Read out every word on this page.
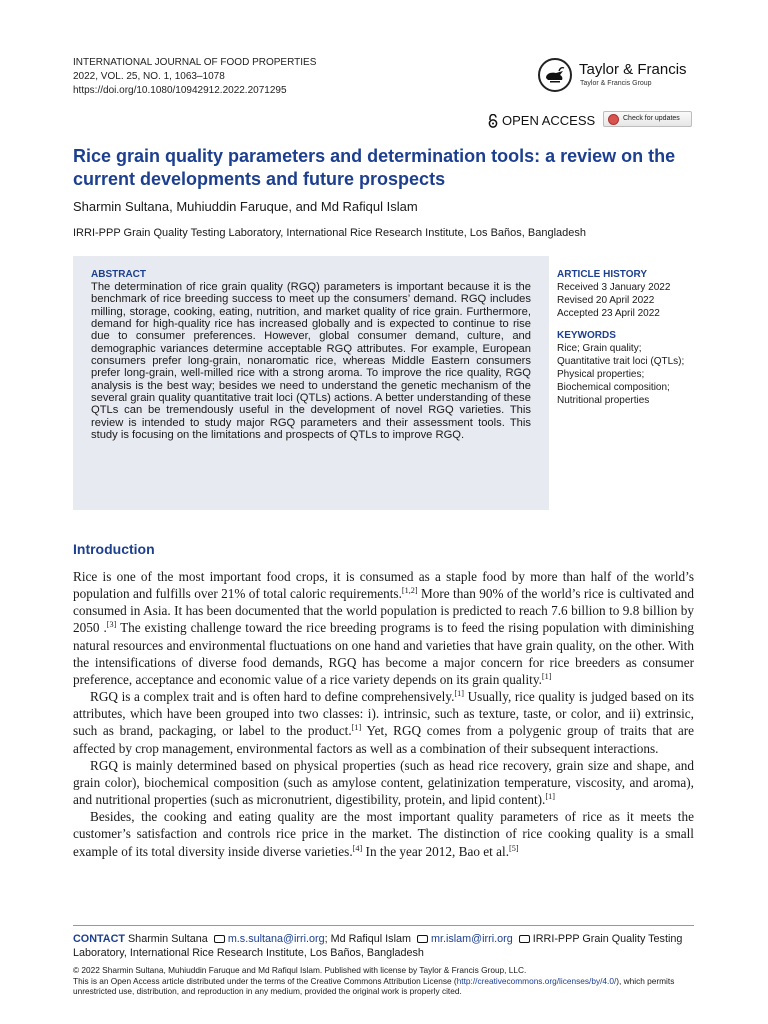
INTERNATIONAL JOURNAL OF FOOD PROPERTIES
2022, VOL. 25, NO. 1, 1063–1078
https://doi.org/10.1080/10942912.2022.2071295
Taylor & Francis
Taylor & Francis Group
OPEN ACCESS	Check for updates
Rice grain quality parameters and determination tools: a review on the current developments and future prospects
Sharmin Sultana, Muhiuddin Faruque, and Md Rafiqul Islam
IRRI-PPP Grain Quality Testing Laboratory, International Rice Research Institute, Los Baños, Bangladesh
ABSTRACT
The determination of rice grain quality (RGQ) parameters is important because it is the benchmark of rice breeding success to meet up the consumers’ demand. RGQ includes milling, storage, cooking, eating, nutrition, and market quality of rice grain. Furthermore, demand for high-quality rice has increased globally and is expected to continue to rise due to consumer preferences. However, global consumer demand, culture, and demographic variances determine acceptable RGQ attributes. For example, European consumers prefer long-grain, nonaromatic rice, whereas Middle Eastern consumers prefer long-grain, well-milled rice with a strong aroma. To improve the rice quality, RGQ analysis is the best way; besides we need to understand the genetic mechanism of the several grain quality quantitative trait loci (QTLs) actions. A better understanding of these QTLs can be tremendously useful in the development of novel RGQ varieties. This review is intended to study major RGQ parameters and their assessment tools. This study is focusing on the limitations and prospects of QTLs to improve RGQ.
ARTICLE HISTORY
Received 3 January 2022
Revised 20 April 2022
Accepted 23 April 2022
KEYWORDS
Rice; Grain quality;
Quantitative trait loci (QTLs);
Physical properties;
Biochemical composition;
Nutritional properties
Introduction

Rice is one of the most important food crops, it is consumed as a staple food by more than half of the world’s population and fulfills over 21% of total caloric requirements.[1,2] More than 90% of the world’s rice is cultivated and consumed in Asia. It has been documented that the world population is predicted to reach 7.6 billion to 9.8 billion by 2050 .[3] The existing challenge toward the rice breeding programs is to feed the rising population with diminishing natural resources and environmental fluctuations on one hand and varieties that have grain quality, on the other. With the intensifications of diverse food demands, RGQ has become a major concern for rice breeders as consumer preference, acceptance and economic value of a rice variety depends on its grain quality.[1]

RGQ is a complex trait and is often hard to define comprehensively.[1] Usually, rice quality is judged based on its attributes, which have been grouped into two classes: i). intrinsic, such as texture, taste, or color, and ii) extrinsic, such as brand, packaging, or label to the product.[1] Yet, RGQ comes from a polygenic group of traits that are affected by crop management, environmental factors as well as a combination of their subsequent interactions.

RGQ is mainly determined based on physical properties (such as head rice recovery, grain size and shape, and grain color), biochemical composition (such as amylose content, gelatinization temperature, viscosity, and aroma), and nutritional properties (such as micronutrient, digestibility, protein, and lipid content).[1]

Besides, the cooking and eating quality are the most important quality parameters of rice as it meets the customer’s satisfaction and controls rice price in the market. The distinction of rice cooking quality is a small example of its total diversity inside diverse varieties.[4] In the year 2012, Bao et al.[5]

CONTACT Sharmin Sultana m.s.sultana@irri.org; Md Rafiqul Islam mr.islam@irri.org IRRI-PPP Grain Quality Testing Laboratory, International Rice Research Institute, Los Baños, Bangladesh
© 2022 Sharmin Sultana, Muhiuddin Faruque and Md Rafiqul Islam. Published with license by Taylor & Francis Group, LLC.
This is an Open Access article distributed under the terms of the Creative Commons Attribution License (http://creativecommons.org/licenses/by/4.0/), which permits unrestricted use, distribution, and reproduction in any medium, provided the original work is properly cited.
